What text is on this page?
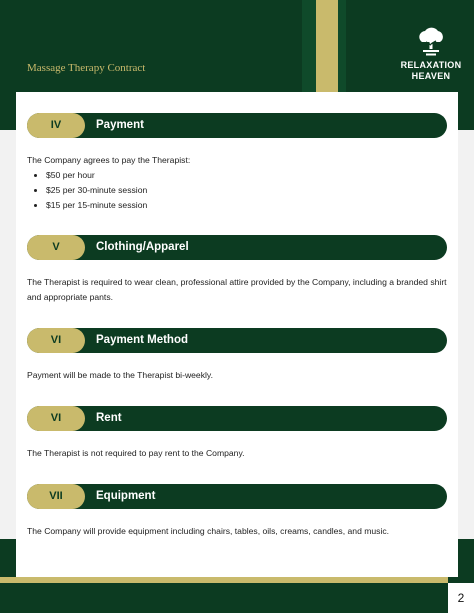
Massage Therapy Contract	RELAXATION
HEAVEN
2
IV	Payment
The Company agrees to pay the Therapist:
• $50 per hour
• $25 per 30-minute session
• $15 per 15-minute session
V	Clothing/Apparel
The Therapist is required to wear clean, professional attire provided by the Company, including a branded shirt and appropriate pants.
VI	Payment Method
Payment will be made to the Therapist bi-weekly.
VI	Rent
The Therapist is not required to pay rent to the Company.
VII	Equipment
The Company will provide equipment including chairs, tables, oils, creams, candles, and music.
